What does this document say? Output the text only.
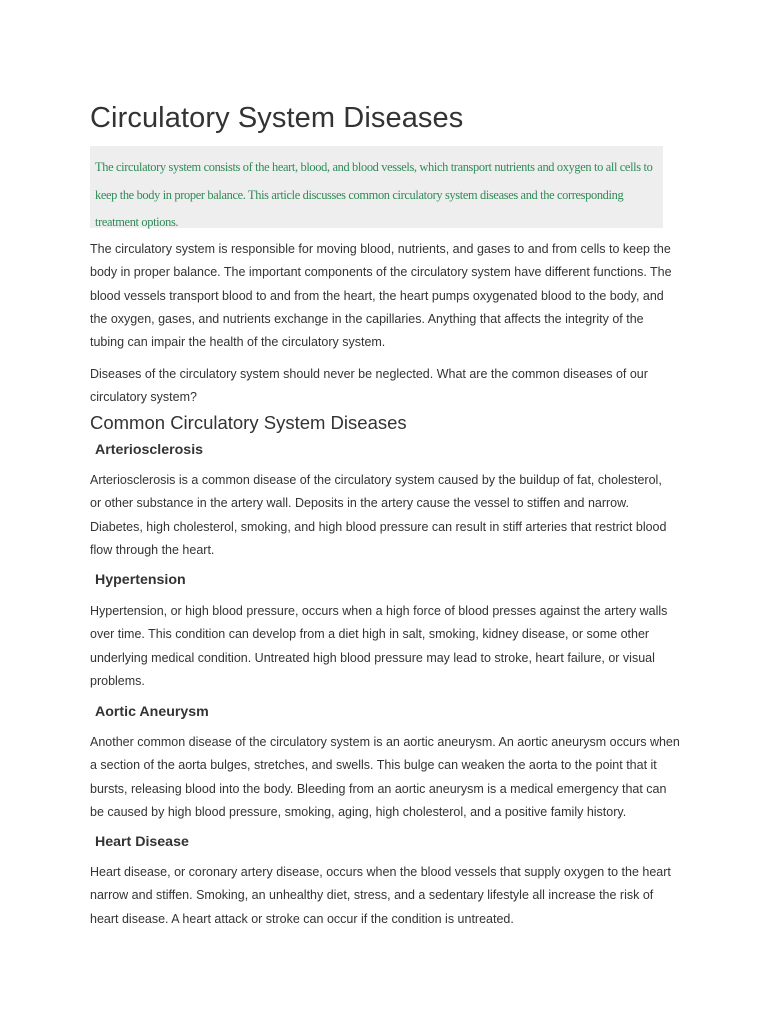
Circulatory System Diseases

The circulatory system consists of the heart, blood, and blood vessels, which transport nutrients and oxygen to all cells to keep the body in proper balance. This article discusses common circulatory system diseases and the corresponding treatment options.

The circulatory system is responsible for moving blood, nutrients, and gases to and from cells to keep the body in proper balance. The important components of the circulatory system have different functions. The blood vessels transport blood to and from the heart, the heart pumps oxygenated blood to the body, and the oxygen, gases, and nutrients exchange in the capillaries. Anything that affects the integrity of the tubing can impair the health of the circulatory system.

Diseases of the circulatory system should never be neglected. What are the common diseases of our circulatory system?

Common Circulatory System Diseases
Arteriosclerosis

Arteriosclerosis is a common disease of the circulatory system caused by the buildup of fat, cholesterol, or other substance in the artery wall. Deposits in the artery cause the vessel to stiffen and narrow. Diabetes, high cholesterol, smoking, and high blood pressure can result in stiff arteries that restrict blood flow through the heart.

Hypertension

Hypertension, or high blood pressure, occurs when a high force of blood presses against the artery walls over time. This condition can develop from a diet high in salt, smoking, kidney disease, or some other underlying medical condition. Untreated high blood pressure may lead to stroke, heart failure, or visual problems.

Aortic Aneurysm

Another common disease of the circulatory system is an aortic aneurysm. An aortic aneurysm occurs when a section of the aorta bulges, stretches, and swells. This bulge can weaken the aorta to the point that it bursts, releasing blood into the body. Bleeding from an aortic aneurysm is a medical emergency that can be caused by high blood pressure, smoking, aging, high cholesterol, and a positive family history.

Heart Disease

Heart disease, or coronary artery disease, occurs when the blood vessels that supply oxygen to the heart narrow and stiffen. Smoking, an unhealthy diet, stress, and a sedentary lifestyle all increase the risk of heart disease. A heart attack or stroke can occur if the condition is untreated.
